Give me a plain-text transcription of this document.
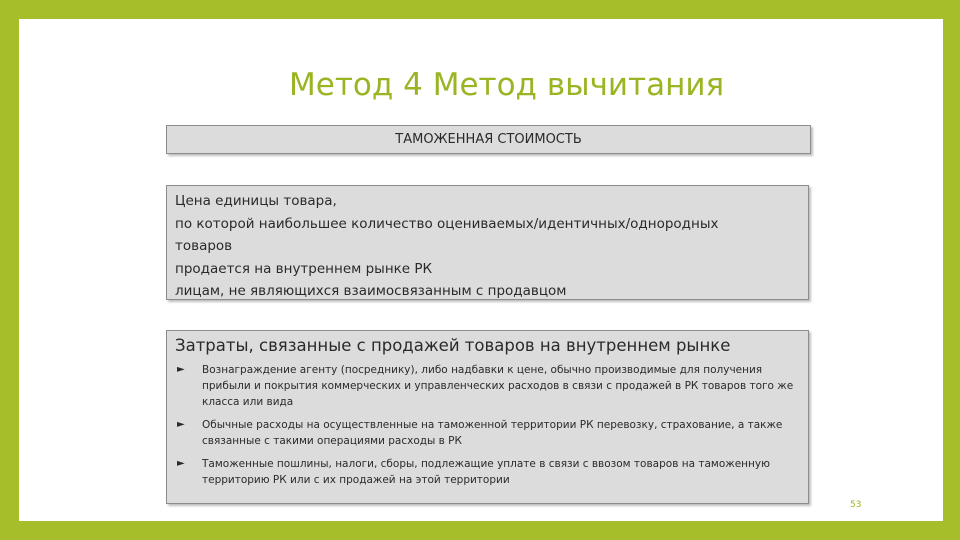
Метод 4 Метод вычитания
ТАМОЖЕННАЯ СТОИМОСТЬ
Цена единицы товара,
по которой наибольшее количество оцениваемых/идентичных/однородных
товаров
продается на внутреннем рынке РК
лицам, не являющихся взаимосвязанным с продавцом
Затраты, связанные с продажей товаров на внутреннем рынке
► Вознаграждение агенту (посреднику), либо надбавки к цене, обычно производимые для получения прибыли и покрытия коммерческих и управленческих расходов в связи с продажей в РК товаров того же класса или вида
► Обычные расходы на осуществленные на таможенной территории РК перевозку, страхование, а также связанные с такими операциями расходы в РК
► Таможенные пошлины, налоги, сборы, подлежащие уплате в связи с ввозом товаров на таможенную территорию РК или с их продажей на этой территории
53
